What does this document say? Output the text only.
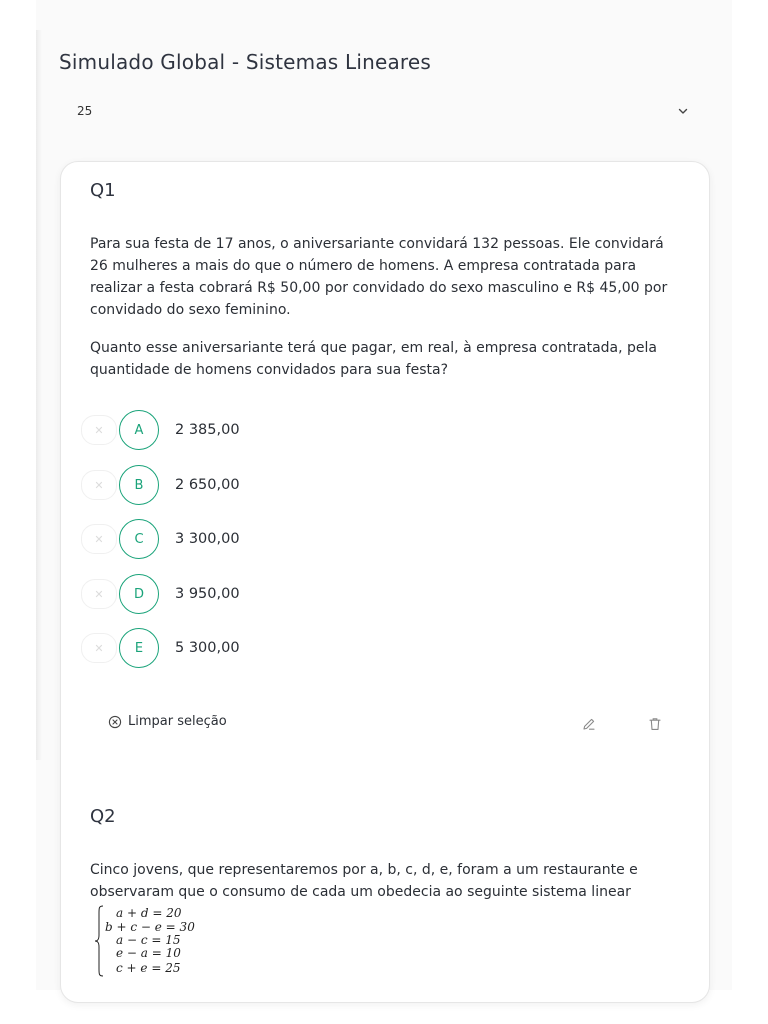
Simulado Global - Sistemas Lineares
25
Q1

Para sua festa de 17 anos, o aniversariante convidará 132 pessoas. Ele convidará 26 mulheres a mais do que o número de homens. A empresa contratada para realizar a festa cobrará R$ 50,00 por convidado do sexo masculino e R$ 45,00 por convidado do sexo feminino.

Quanto esse aniversariante terá que pagar, em real, à empresa contratada, pela quantidade de homens convidados para sua festa?

✕	A	2 385,00
✕	B	2 650,00
✕	C	3 300,00
✕	D	3 950,00
✕	E	5 300,00
Limpar seleção
Q2

Cinco jovens, que representaremos por a, b, c, d, e, foram a um restaurante e observaram que o consumo de cada um obedecia ao seguinte sistema linear

a + d = 20
b + c − e = 30
a − c = 15
e − a = 10
c + e = 25
